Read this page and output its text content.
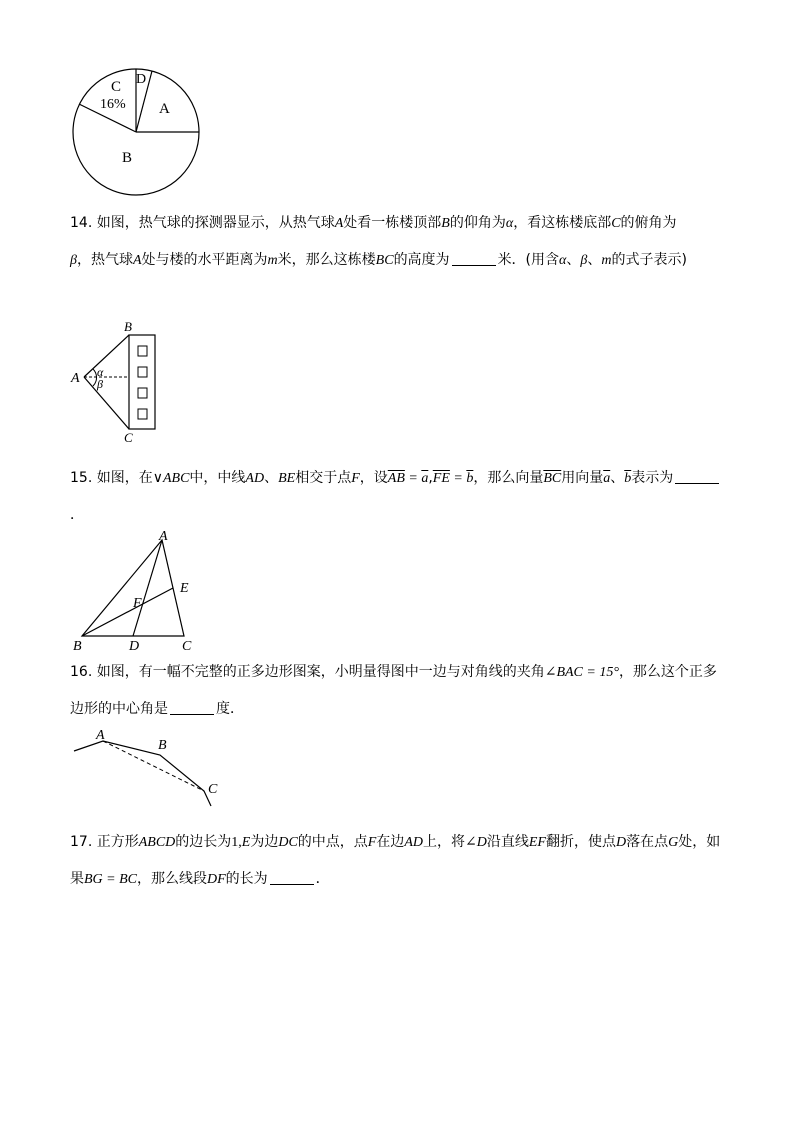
C
16%
D
A
B
14. 如图，热气球的探测器显示，从热气球A处看一栋楼顶部B的仰角为α，看这栋楼底部C的俯角为
β，热气球A处与楼的水平距离为m米，那么这栋楼BC的高度为	米．(用含α、β、m的式子表示)
A
B
C
α
β
15. 如图，在∨ABC中，中线AD、BE相交于点F，设$\overline{AB} = \overline{a},\overline{FE} = \overline{b}$，那么向量$\overline{BC}$用向量$\overline{a}$、$\overline{b}$表示为．
A
B	C
D
E
F
16. 如图，有一幅不完整的正多边形图案，小明量得图中一边与对角线的夹角∠BAC = 15°，那么这个正多边形的中心角是	度．
A
B
C
17. 正方形ABCD的边长为1,E为边DC的中点，点F在边AD上，将∠D沿直线EF翻折，使点D落在点G处，如果BG = BC，那么线段DF的长为	．
